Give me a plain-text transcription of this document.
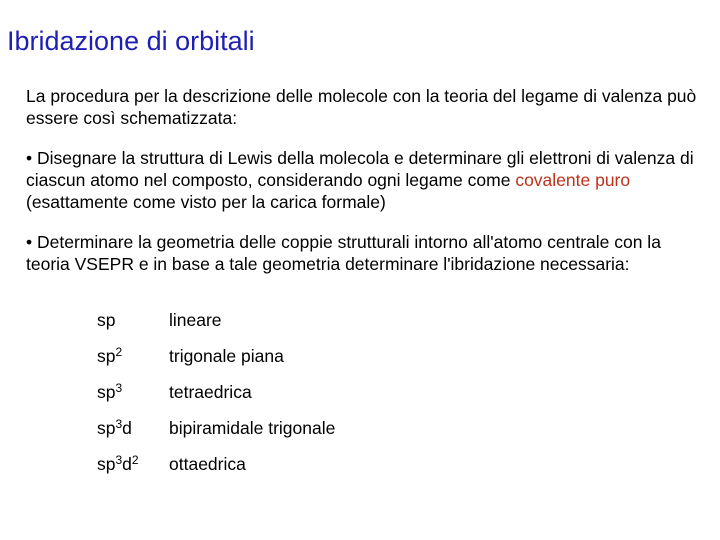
Ibridazione di orbitali
La procedura per la descrizione delle molecole con la teoria del legame di valenza può essere così schematizzata:
• Disegnare la struttura di Lewis della molecola e determinare gli elettroni di valenza di ciascun atomo nel composto, considerando ogni legame come covalente puro (esattamente come visto per la carica formale)
• Determinare la geometria delle coppie strutturali intorno all'atomo centrale con la teoria VSEPR e in base a tale geometria determinare l'ibridazione necessaria:
sp	lineare
$sp^2$	trigonale piana
$sp^3$	tetraedrica
$sp^3d$ bipiramidale trigonale
$sp^3d^2$ ottaedrica
